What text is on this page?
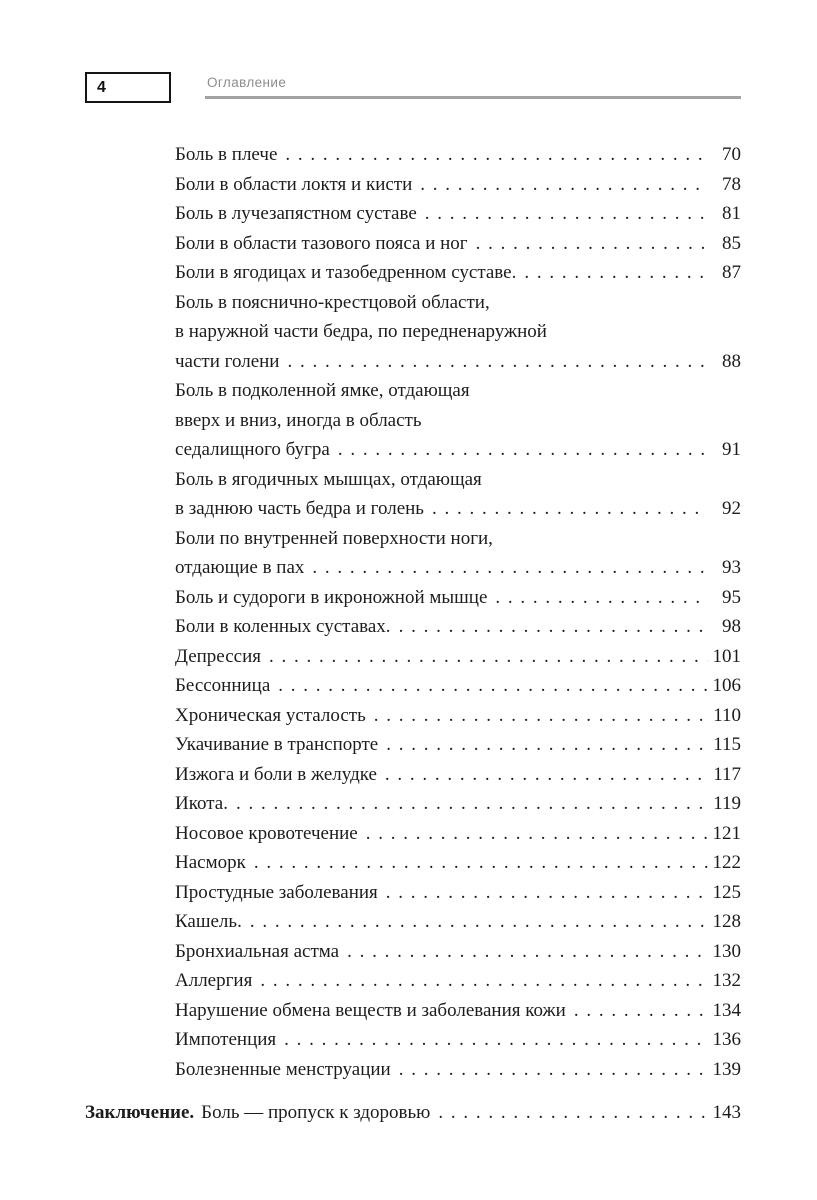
4	Оглавление
Боль в плече . . .	70
Боли в области локтя и кисти . . .	78
Боль в лучезапястном суставе . . .	81
Боли в области тазового пояса и ног . . .	85
Боли в ягодицах и тазобедренном суставе. . . .	87
Боль в пояснично-крестцовой области,
в наружной части бедра, по передненаружной
части голени . . .	88
Боль в подколенной ямке, отдающая
вверх и вниз, иногда в область
седалищного бугра . . .	91
Боль в ягодичных мышцах, отдающая
в заднюю часть бедра и голень . . .	92
Боли по внутренней поверхности ноги,
отдающие в пах . . .	93
Боль и судороги в икроножной мышце . . .	95
Боли в коленных суставах. . . .	98
Депрессия . . .	101
Бессонница . . .	106
Хроническая усталость . . .	110
Укачивание в транспорте . . .	115
Изжога и боли в желудке . . .	117
Икота. . . .	119
Носовое кровотечение . . .	121
Насморк . . .	122
Простудные заболевания . . .	125
Кашель. . . .	128
Бронхиальная астма . . .	130
Аллергия . . .	132
Нарушение обмена веществ и заболевания кожи . . .	134
Импотенция . . .	136
Болезненные менструации . . .	139
Заключение. Боль — пропуск к здоровью . . .	143
